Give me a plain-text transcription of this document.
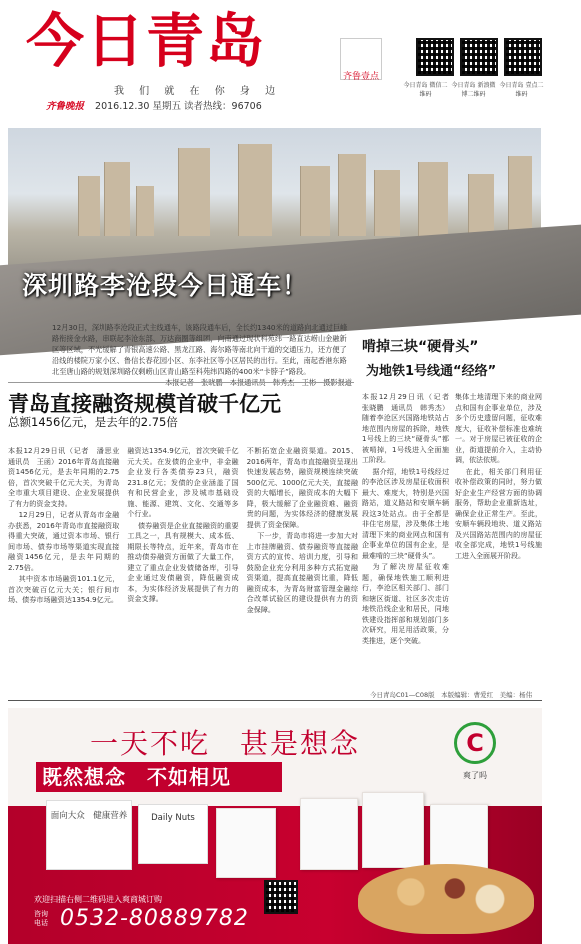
今日青岛
我 们 就 在 你 身 边
齐鲁晚报 2016.12.30 星期五 读者热线：96706
齐鲁壹点
今日青岛 微信二维码
今日青岛 新浪微博二维码
今日青岛 壹点二维码
深圳路李沧段今日通车！

12月30日，深圳路李沧段正式主线通车，该路段通车后，全长约1340米的道路向北通过巨峰路衔接金水路，串联起李沧东部、万达商圈等组团，向南通过现状科苑纬一路直达崂山金融新区等区域，不光缓解了青银高速公路、黑龙江路、海尔路等南北向干道的交通压力，还方便了沿线的楼院万家小区、鲁信长春花园小区、东李社区等小区居民的出行。至此，南起香港东路北至唐山路的规划深圳路仅剩崂山区青山路至科苑纬四路的400米“卡脖子”路段。

啃掉三块“硬骨头”
为地铁1号线通“经络”
青岛直接融资规模首破千亿元
总额1456亿元，是去年的2.75倍

本报12月29日讯（记者　潘思业　通讯员　王函）2016年青岛直接融资1456亿元，是去年同期的2.75倍，首次突破千亿元大关，为青岛全市重大项目建设、企业发展提供了有力的资金支持。

12月29日，记者从青岛市金融办获悉，2016年青岛市直接融资取得重大突破，通过资本市场、银行间市场、债券市场等渠道实现直接融资1456亿元，是去年同期的2.75倍。

其中资本市场融资101.1亿元，首次突破百亿元大关；银行间市场、债券市场融资达1354.9亿元。

融资达1354.9亿元，首次突破千亿元大关。在发债的企业中，非金融企业发行各类债券23只，融资231.8亿元；发债的企业涵盖了国有和民营企业，涉及城市基础设施、能源、建筑、文化、交通等多个行业。

债券融资是企业直接融资的重要工具之一，具有规模大、成本低、期限长等特点，近年来，青岛市在推动债券融资方面做了大量工作，建立了重点企业发债储备库，引导企业通过发债融资，降低融资成本，为实体经济发展提供了有力的资金支撑。

不断拓宽企业融资渠道。2015、2016两年，青岛市直接融资呈现出快速发展态势，融资规模连续突破500亿元、1000亿元大关，直接融资的大幅增长，融资成本的大幅下降，极大缓解了企业融资难、融资贵的问题，为实体经济的健康发展提供了资金保障。

下一步，青岛市将进一步加大对上市挂牌融资、债券融资等直接融资方式的宣传、培训力度，引导和鼓励企业充分利用多种方式拓宽融资渠道，提高直接融资比重，降低融资成本，为青岛财富管理金融综合改革试验区的建设提供有力的资金保障。

本报12月29日讯（记者　张晓鹏　通讯员　韩秀杰）随着李沧区兴国路地铁站占地范围内房屋的拆除，地铁1号线上的三块“硬骨头”都被啃掉，1号线进入全面施工阶段。

据介绍，地铁1号线经过的李沧区涉及房屋征收面积最大、难度大，特别是兴国路站，道义路站和安顺车辆段这3处站点。由于全都是非住宅房屋，涉及集体土地清理下来的商业网点和国有企事业单位的国有企业，是最难啃的三块“硬骨头”。

为了解决房屋征收难题，确保地铁施工顺利进行，李沧区相关部门、部门和辖区街道、社区多次走访地铁沿线企业和居民，同地铁建设指挥部和规划部门多次研究，用足用活政策，分类推进，逐个突破。

集体土地清理下来的商业网点和国有企事业单位，涉及多个历史遗留问题，征收难度大，征收补偿标准也难统一。对于房屋已被征收的企业，街道提前介入，主动协调，依法依规。

在此，相关部门利用征收补偿政策的同时，努力做好企业生产经营方面的协调服务，帮助企业重新选址，确保企业正常生产。至此，安顺车辆段地块、道义路站及兴国路站范围内的房屋征收全部完成，地铁1号线施工进入全面展开阶段。

今日青岛C01—C08版　本版编辑：曹爱红　美编：杨伟
一天不吃　甚是想念
既然想念　不如相见
C
爽了吗
面向大众　健康营养	Daily Nuts
欢迎扫描右侧二维码进入爽商城订购
咨询电话 0532-80889782
